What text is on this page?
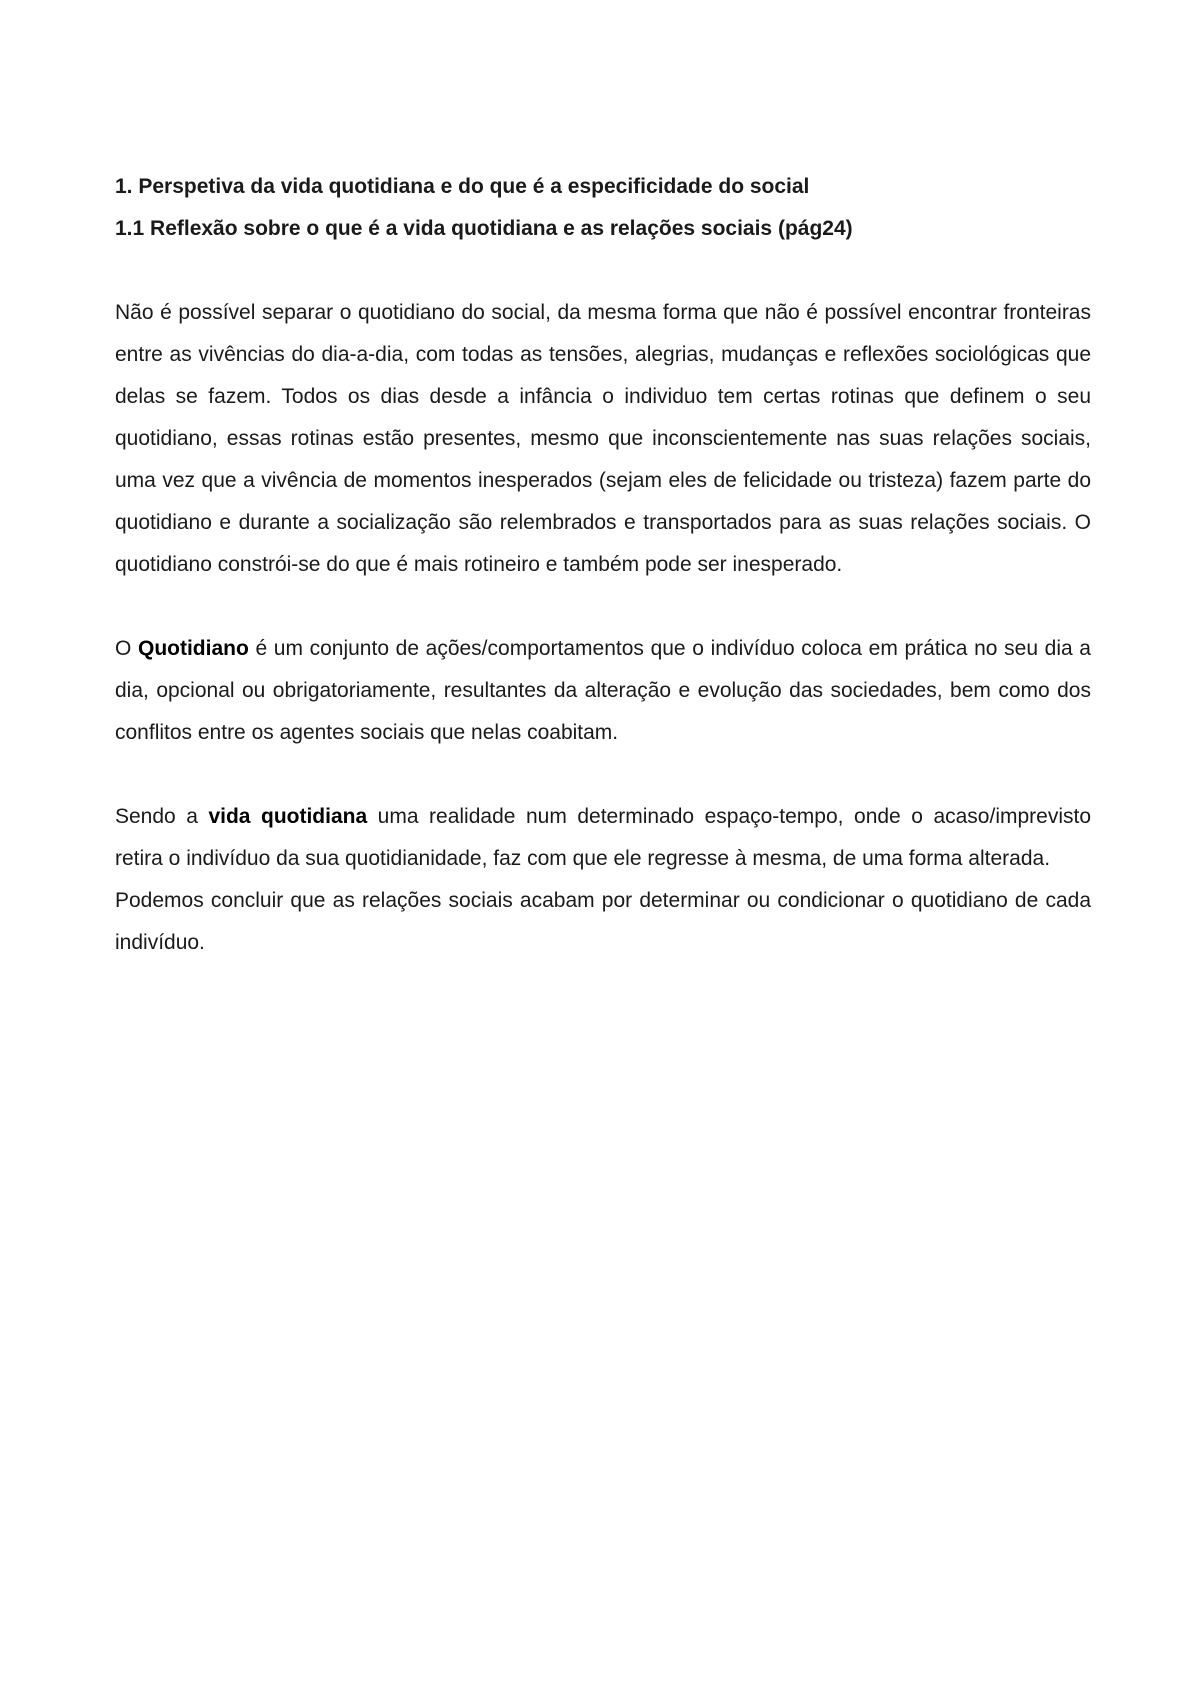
1. Perspetiva da vida quotidiana e do que é a especificidade do social

1.1 Reflexão sobre o que é a vida quotidiana e as relações sociais (pág24)

Não é possível separar o quotidiano do social, da mesma forma que não é possível encontrar fronteiras entre as vivências do dia-a-dia, com todas as tensões, alegrias, mudanças e reflexões sociológicas que delas se fazem. Todos os dias desde a infância o individuo tem certas rotinas que definem o seu quotidiano, essas rotinas estão presentes, mesmo que inconscientemente nas suas relações sociais, uma vez que a vivência de momentos inesperados (sejam eles de felicidade ou tristeza) fazem parte do quotidiano e durante a socialização são relembrados e transportados para as suas relações sociais. O quotidiano constrói-se do que é mais rotineiro e também pode ser inesperado.

O Quotidiano é um conjunto de ações/comportamentos que o indivíduo coloca em prática no seu dia a dia, opcional ou obrigatoriamente, resultantes da alteração e evolução das sociedades, bem como dos conflitos entre os agentes sociais que nelas coabitam.

Sendo a vida quotidiana uma realidade num determinado espaço-tempo, onde o acaso/imprevisto retira o indivíduo da sua quotidianidade, faz com que ele regresse à mesma, de uma forma alterada.

Podemos concluir que as relações sociais acabam por determinar ou condicionar o quotidiano de cada indivíduo.
